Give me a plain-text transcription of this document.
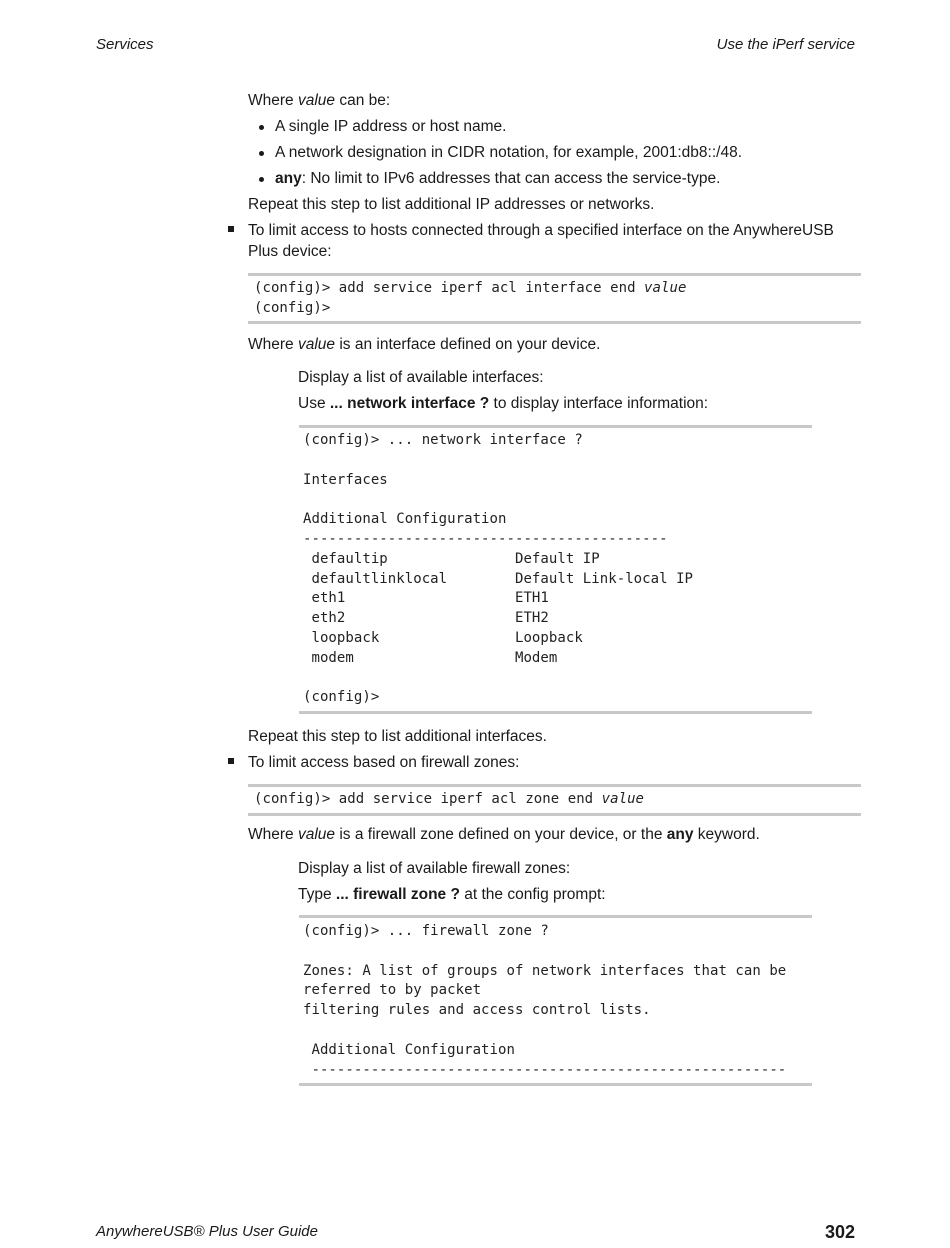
Services	Use the iPerf service
Where value can be:
A single IP address or host name.
A network designation in CIDR notation, for example, 2001:db8::/48.
any: No limit to IPv6 addresses that can access the service-type.
Repeat this step to list additional IP addresses or networks.
To limit access to hosts connected through a specified interface on the AnywhereUSB
Plus device:
(config)> add service iperf acl interface end value
(config)>
Where value is an interface defined on your device.
Display a list of available interfaces:
Use ... network interface ? to display interface information:
(config)> ... network interface ?

Interfaces

Additional Configuration
-------------------------------------------
defaultip               Default IP
defaultlinklocal        Default Link-local IP
eth1                    ETH1
eth2                    ETH2
loopback                Loopback
modem                   Modem

(config)>
Repeat this step to list additional interfaces.
To limit access based on firewall zones:
(config)> add service iperf acl zone end value
Where value is a firewall zone defined on your device, or the any keyword.
Display a list of available firewall zones:
Type ... firewall zone ? at the config prompt:
(config)> ... firewall zone ?

Zones: A list of groups of network interfaces that can be
referred to by packet
filtering rules and access control lists.

Additional Configuration
--------------------------------------------------------
AnywhereUSB® Plus User Guide	302
